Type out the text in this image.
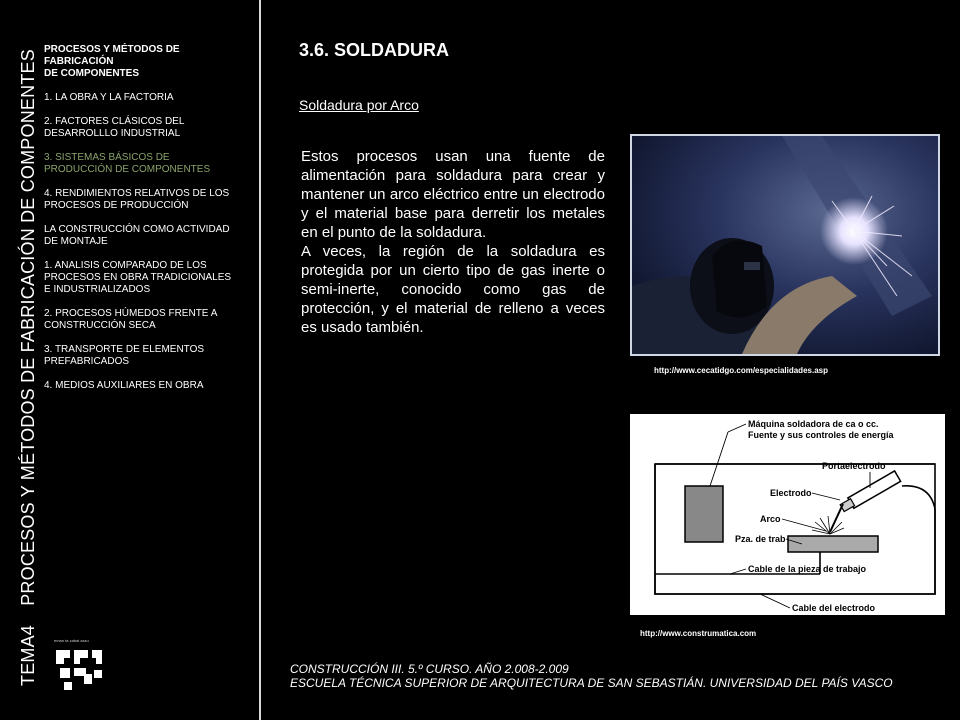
TEMA4 PROCESOS Y MÉTODOS DE FABRICACIÓN DE COMPONENTES PROCESOS Y MÉTODOS DE
FABRICACIÓN
DE COMPONENTES
1. LA OBRA Y LA FACTORIA
2. FACTORES CLÁSICOS DEL
DESARROLLLO INDUSTRIAL
3. SISTEMAS BÁSICOS DE
PRODUCCIÓN DE COMPONENTES
4. RENDIMIENTOS RELATIVOS DE LOS
PROCESOS DE PRODUCCIÓN
LA CONSTRUCCIÓN COMO ACTIVIDAD
DE MONTAJE
1. ANALISIS COMPARADO DE LOS
PROCESOS EN OBRA TRADICIONALES
E INDUSTRIALIZADOS
2. PROCESOS HÚMEDOS FRENTE A
CONSTRUCCIÓN SECA
3. TRANSPORTE DE ELEMENTOS
PREFABRICADOS
4. MEDIOS AUXILIARES EN OBRA
eman ta zabal zazu
3.6. SOLDADURA
Soldadura por Arco

Estos procesos usan una fuente de alimentación para soldadura para crear y mantener un arco eléctrico entre un electrodo y el material base para derretir los metales en el punto de la soldadura.

A veces, la región de la soldadura es protegida por un cierto tipo de gas inerte o semi-inerte, conocido como gas de protección, y el material de relleno a veces es usado también.

http://www.cecatidgo.com/especialidades.asp
Máquina soldadora de ca o cc.
Fuente y sus controles de energía
Portaelectrodo
Electrodo
Arco
Pza. de trab
Cable de la pieza de trabajo
Cable del electrodo
http://www.construmatica.com
CONSTRUCCIÓN III. 5.º CURSO. AÑO 2.008-2.009
ESCUELA TÉCNICA SUPERIOR DE ARQUITECTURA DE SAN SEBASTIÁN. UNIVERSIDAD DEL PAÍS VASCO
